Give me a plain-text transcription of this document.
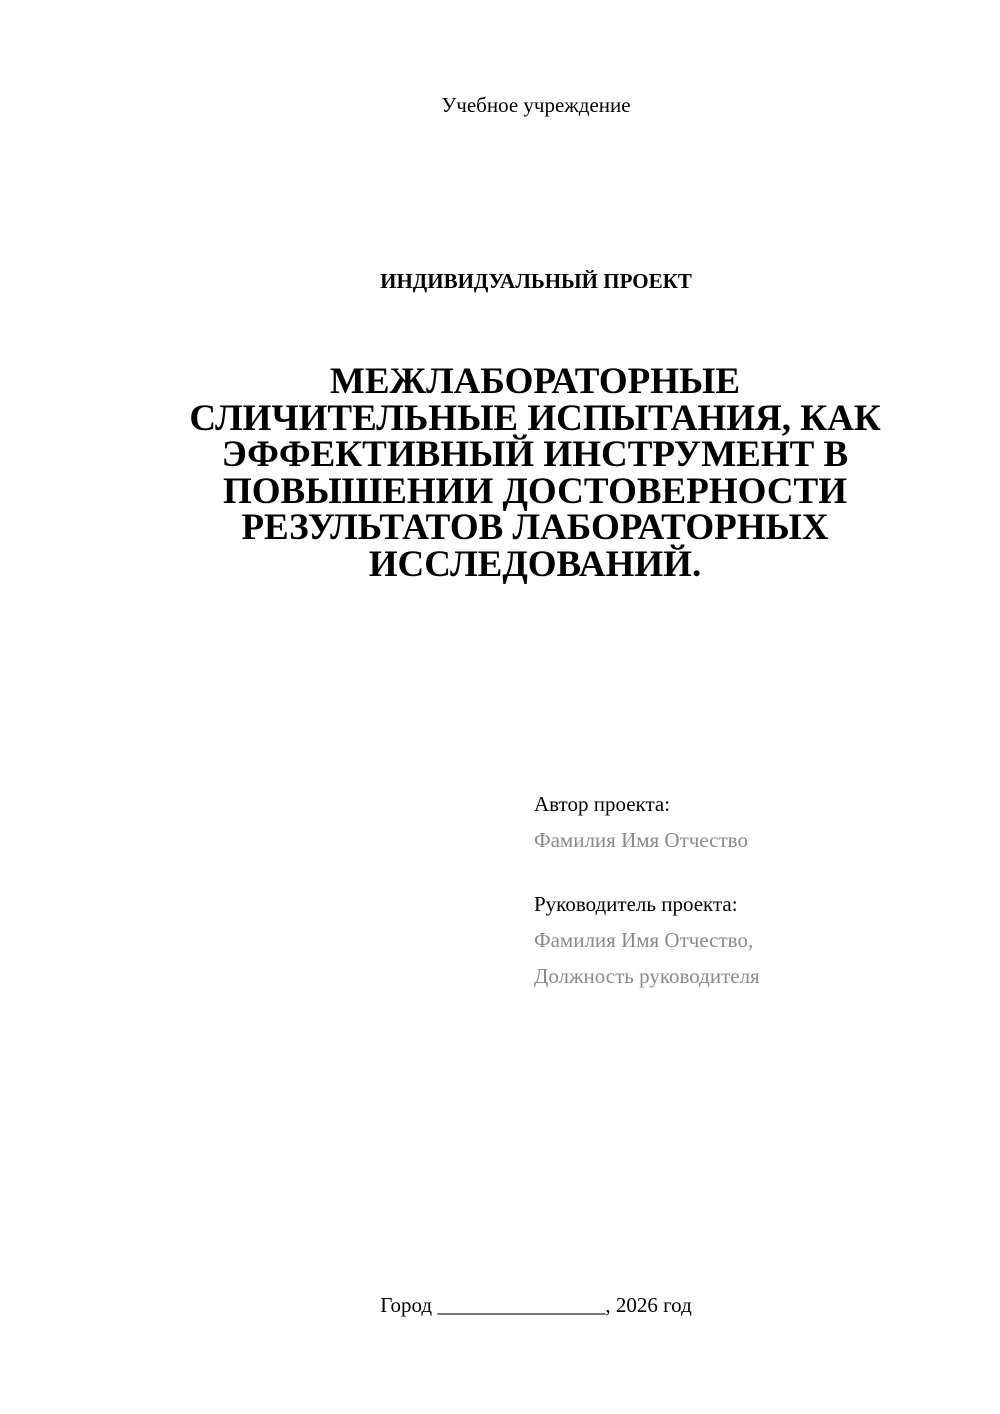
Учебное учреждение
ИНДИВИДУАЛЬНЫЙ ПРОЕКТ
МЕЖЛАБОРАТОРНЫЕ
СЛИЧИТЕЛЬНЫЕ ИСПЫТАНИЯ, КАК
ЭФФЕКТИВНЫЙ ИНСТРУМЕНТ В
ПОВЫШЕНИИ ДОСТОВЕРНОСТИ
РЕЗУЛЬТАТОВ ЛАБОРАТОРНЫХ
ИССЛЕДОВАНИЙ.
Автор проекта:
Фамилия Имя Отчество
Руководитель проекта:
Фамилия Имя Отчество,
Должность руководителя
Город ________________, 2026 год
